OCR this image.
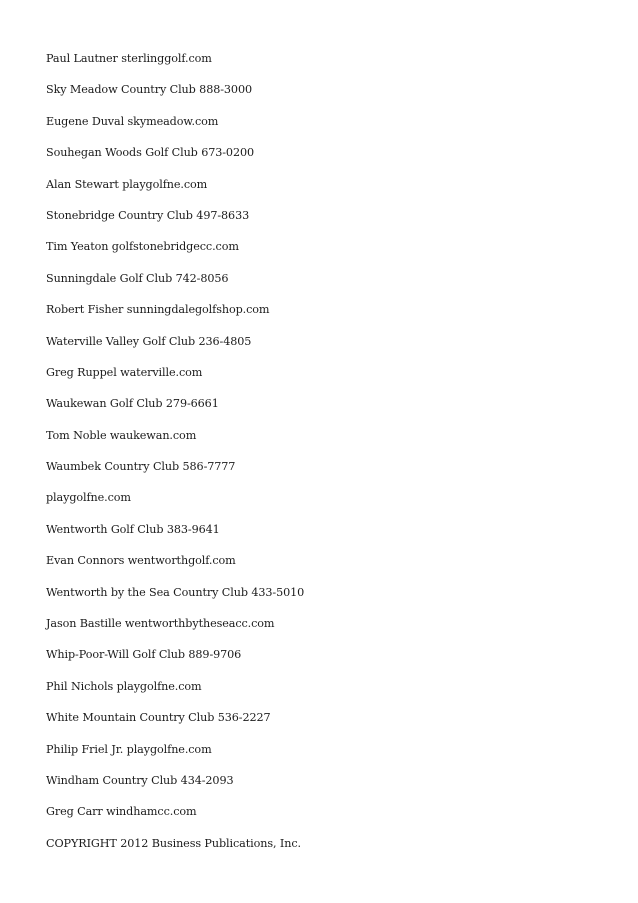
Paul Lautner sterlinggolf.com
Sky Meadow Country Club 888-3000
Eugene Duval skymeadow.com
Souhegan Woods Golf Club 673-0200
Alan Stewart playgolfne.com
Stonebridge Country Club 497-8633
Tim Yeaton golfstonebridgecc.com
Sunningdale Golf Club 742-8056
Robert Fisher sunningdalegolfshop.com
Waterville Valley Golf Club 236-4805
Greg Ruppel waterville.com
Waukewan Golf Club 279-6661
Tom Noble waukewan.com
Waumbek Country Club 586-7777
playgolfne.com
Wentworth Golf Club 383-9641
Evan Connors wentworthgolf.com
Wentworth by the Sea Country Club 433-5010
Jason Bastille wentworthbytheseacc.com
Whip-Poor-Will Golf Club 889-9706
Phil Nichols playgolfne.com
White Mountain Country Club 536-2227
Philip Friel Jr. playgolfne.com
Windham Country Club 434-2093
Greg Carr windhamcc.com
COPYRIGHT 2012 Business Publications, Inc.
